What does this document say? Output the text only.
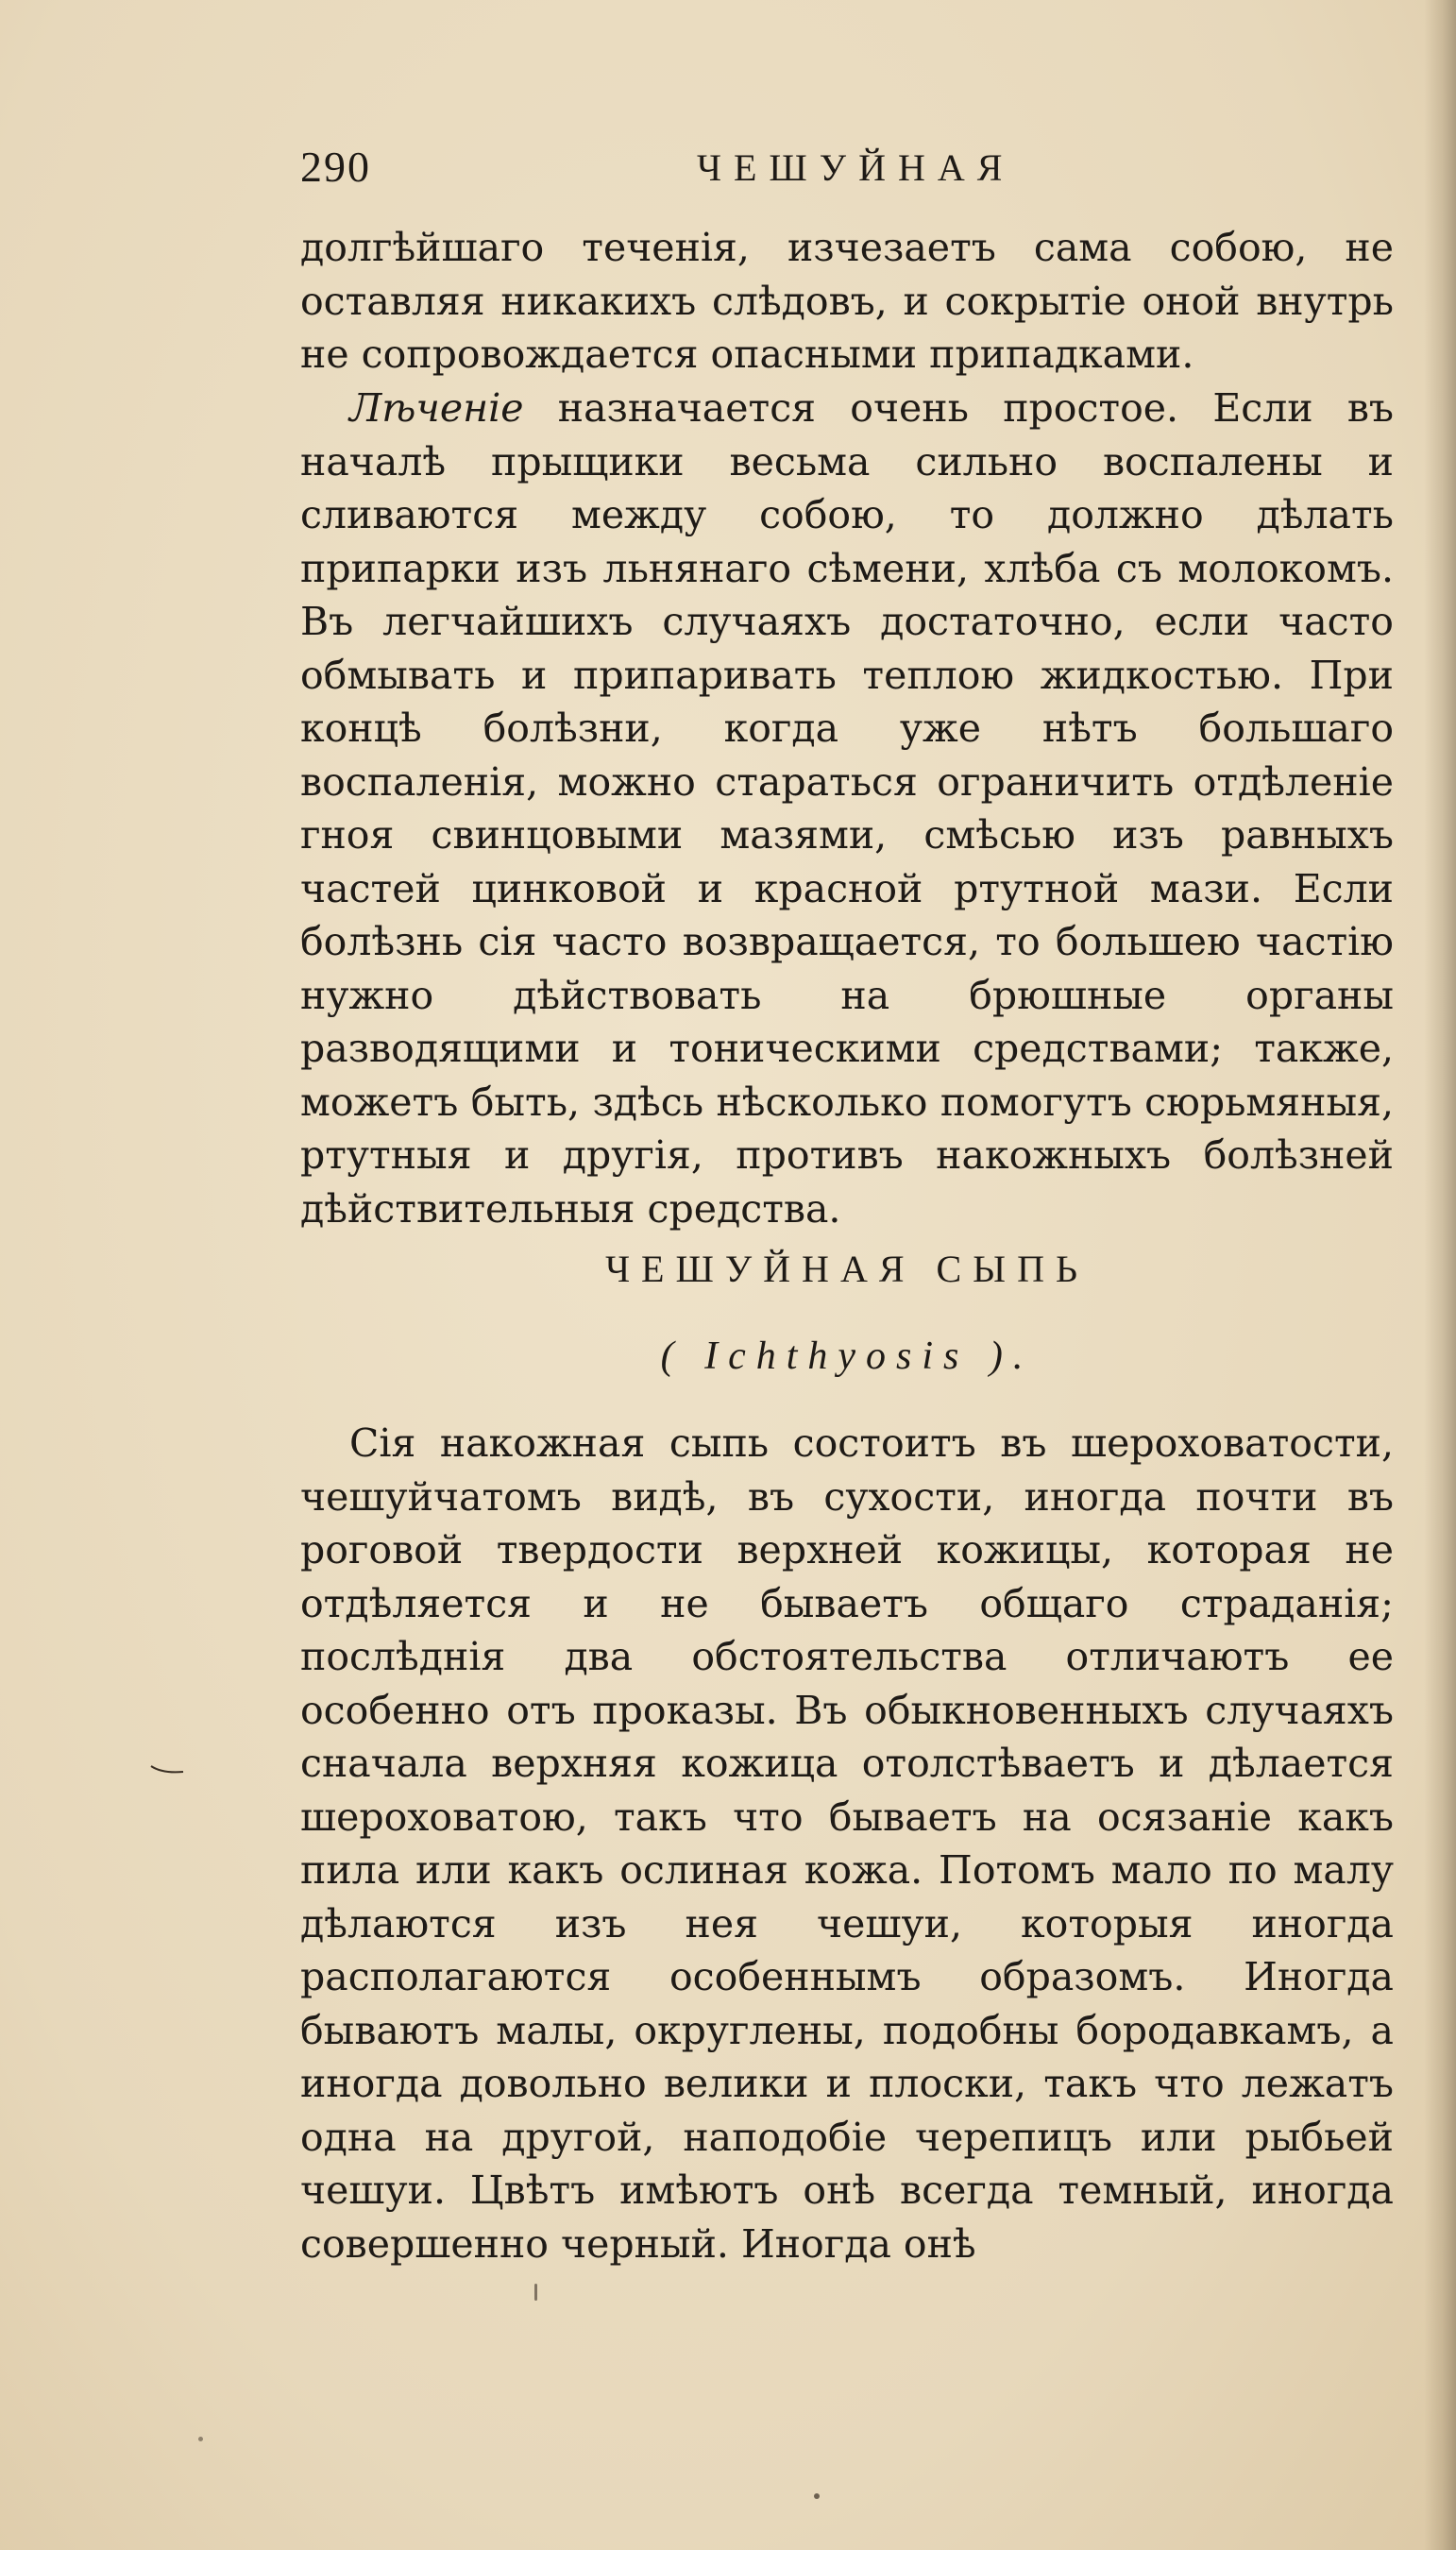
290	ЧЕШУЙНАЯ

долгѣйшаго теченія, изчезаетъ сама собою, не оставляя никакихъ слѣдовъ, и сокрытіе оной внутрь не сопровождается опасными припадками.

Лѣченіе назначается очень простое. Если въ началѣ прыщики весьма сильно воспалены и сливаются между собою, то должно дѣлать припарки изъ льнянаго сѣмени, хлѣба съ молокомъ. Въ легчайшихъ случаяхъ достаточно, если часто обмывать и припаривать теплою жидкостью. При концѣ болѣзни, когда уже нѣтъ большаго воспаленія, можно стараться ограничить отдѣленіе гноя свинцовыми мазями, смѣсью изъ равныхъ частей цинковой и красной ртутной мази. Если болѣзнь сія часто возвращается, то большею частію нужно дѣйствовать на брюшные органы разводящими и тоническими средствами; также, можетъ быть, здѣсь нѣсколько помогутъ сюрьмяныя, ртутныя и другія, противъ накожныхъ болѣзней дѣйствительныя средства.

ЧЕШУЙНАЯ СЫПЬ
( Ichthyosis ).

Сія накожная сыпь состоитъ въ шероховатости, чешуйчатомъ видѣ, въ сухости, иногда почти въ роговой твердости верхней кожицы, которая не отдѣляется и не бываетъ общаго страданія; послѣднія два обстоятельства отличаютъ ее особенно отъ проказы. Въ обыкновенныхъ случаяхъ сначала верхняя кожица отолстѣваетъ и дѣлается шероховатою, такъ что бываетъ на осязаніе какъ пила или какъ ослиная кожа. Потомъ мало по малу дѣлаются изъ нея чешуи, которыя иногда располагаются особеннымъ образомъ. Иногда бываютъ малы, округлены, подобны бородавкамъ, а иногда довольно велики и плоски, такъ что лежатъ одна на другой, наподобіе черепицъ или рыбьей чешуи. Цвѣтъ имѣютъ онѣ всегда темный, иногда совершенно черный. Иногда онѣ
